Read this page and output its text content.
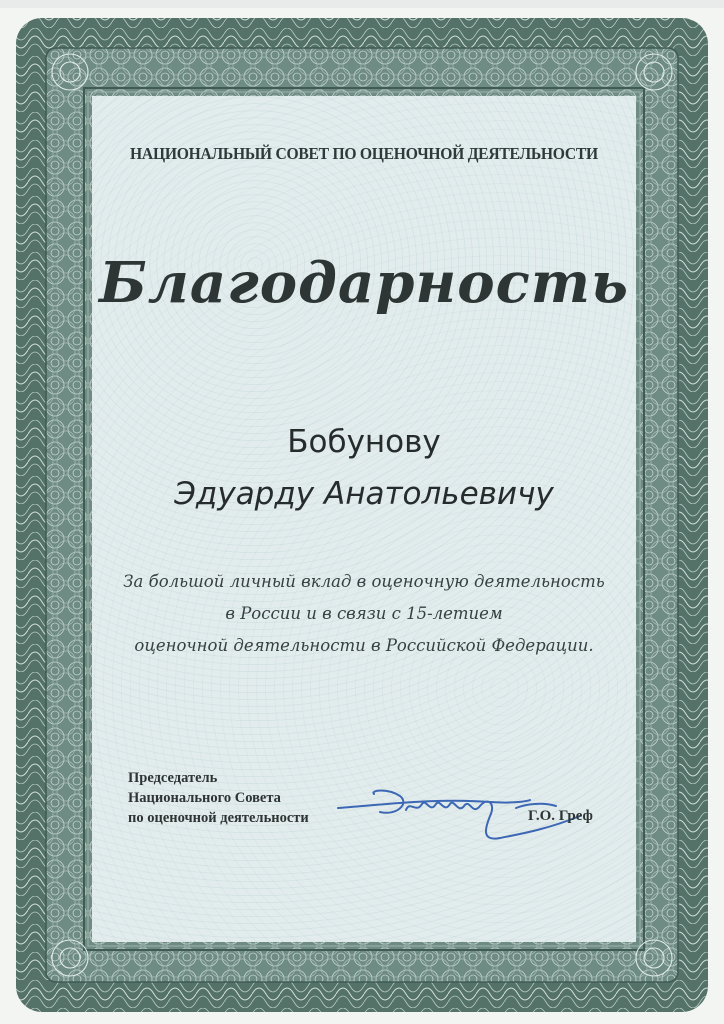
НАЦИОНАЛЬНЫЙ СОВЕТ ПО ОЦЕНОЧНОЙ ДЕЯТЕЛЬНОСТИ
Благодарность
Бобунову
Эдуарду Анатольевичу
За большой личный вклад в оценочную деятельность
в России и в связи с 15-летием
оценочной деятельности в Российской Федерации.
Председатель
Национального Совета
по оценочной деятельности	Г.О. Греф
